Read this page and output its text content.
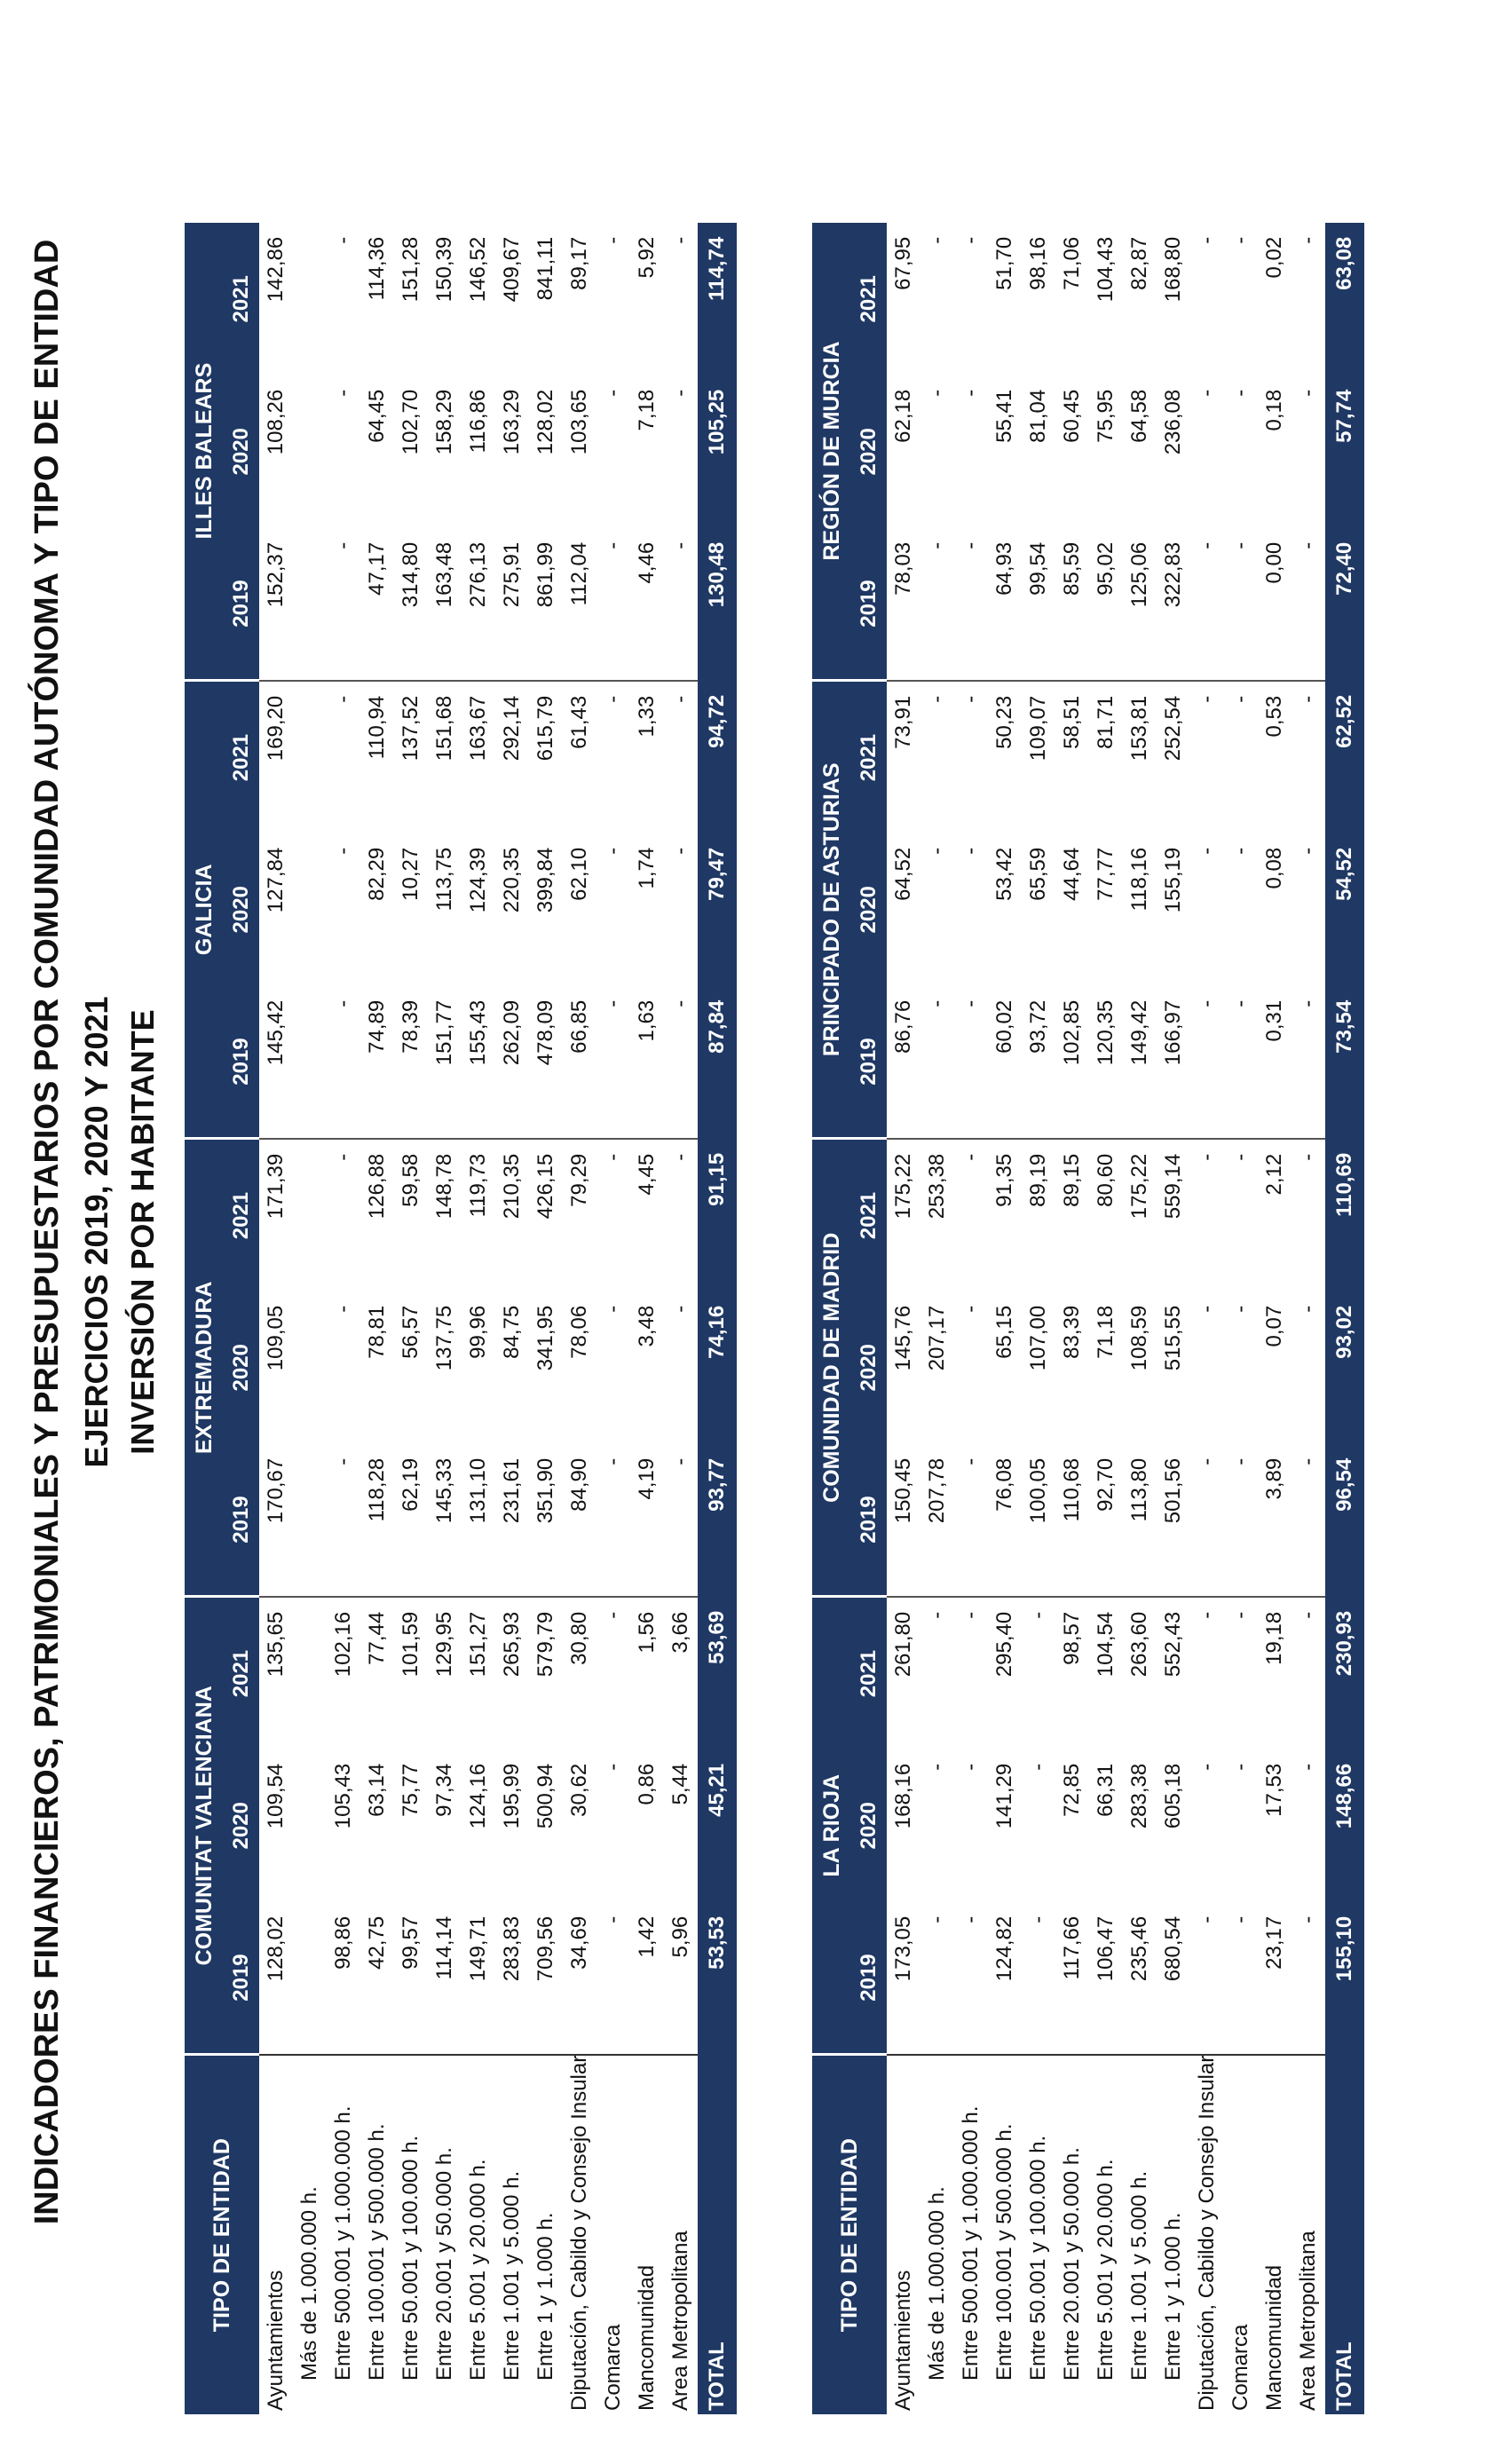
INDICADORES FINANCIEROS, PATRIMONIALES Y PRESUPUESTARIOS POR COMUNIDAD AUTÓNOMA Y TIPO DE ENTIDAD EJERCICIOS 2019, 2020 Y 2021 INVERSIÓN POR HABITANTE
TIPO DE ENTIDAD	COMUNITAT VALENCIANA			EXTREMADURA			GALICIA			ILLES BALEARS		
	2019	2020	2021	2019	2020	2021	2019	2020	2021	2019	2020	2021
Ayuntamientos	128,02	109,54	135,65	170,67	109,05	171,39	145,42	127,84	169,20	152,37	108,26	142,86
Más de 1.000.000 h.												
Entre 500.001 y 1.000.000 h.	98,86	105,43	102,16	-	-	-	-	-	-	-	-	-
Entre 100.001 y 500.000 h.	42,75	63,14	77,44	118,28	78,81	126,88	74,89	82,29	110,94	47,17	64,45	114,36
Entre 50.001 y 100.000 h.	99,57	75,77	101,59	62,19	56,57	59,58	78,39	10,27	137,52	314,80	102,70	151,28
Entre 20.001 y 50.000 h.	114,14	97,34	129,95	145,33	137,75	148,78	151,77	113,75	151,68	163,48	158,29	150,39
Entre 5.001 y 20.000 h.	149,71	124,16	151,27	131,10	99,96	119,73	155,43	124,39	163,67	276,13	116,86	146,52
Entre 1.001 y 5.000 h.	283,83	195,99	265,93	231,61	84,75	210,35	262,09	220,35	292,14	275,91	163,29	409,67
Entre 1 y 1.000 h.	709,56	500,94	579,79	351,90	341,95	426,15	478,09	399,84	615,79	861,99	128,02	841,11
Diputación, Cabildo y Consejo Insular	34,69	30,62	30,80	84,90	78,06	79,29	66,85	62,10	61,43	112,04	103,65	89,17
Comarca	-	-	-	-	-	-	-	-	-	-	-	-
Mancomunidad	1,42	0,86	1,56	4,19	3,48	4,45	1,63	1,74	1,33	4,46	7,18	5,92
Area Metropolitana	5,96	5,44	3,66	-	-	-	-	-	-	-	-	-
TOTAL	53,53	45,21	53,69	93,77	74,16	91,15	87,84	79,47	94,72	130,48	105,25	114,74
TIPO DE ENTIDAD	LA RIOJA			COMUNIDAD DE MADRID			PRINCIPADO DE ASTURIAS			REGIÓN DE MURCIA		
	2019	2020	2021	2019	2020	2021	2019	2020	2021	2019	2020	2021
Ayuntamientos	173,05	168,16	261,80	150,45	145,76	175,22	86,76	64,52	73,91	78,03	62,18	67,95
Más de 1.000.000 h.	-	-	-	207,78	207,17	253,38	-	-	-	-	-	-
Entre 500.001 y 1.000.000 h.	-	-	-	-	-	-	-	-	-	-	-	-
Entre 100.001 y 500.000 h.	124,82	141,29	295,40	76,08	65,15	91,35	60,02	53,42	50,23	64,93	55,41	51,70
Entre 50.001 y 100.000 h.	-	-	-	100,05	107,00	89,19	93,72	65,59	109,07	99,54	81,04	98,16
Entre 20.001 y 50.000 h.	117,66	72,85	98,57	110,68	83,39	89,15	102,85	44,64	58,51	85,59	60,45	71,06
Entre 5.001 y 20.000 h.	106,47	66,31	104,54	92,70	71,18	80,60	120,35	77,77	81,71	95,02	75,95	104,43
Entre 1.001 y 5.000 h.	235,46	283,38	263,60	113,80	108,59	175,22	149,42	118,16	153,81	125,06	64,58	82,87
Entre 1 y 1.000 h.	680,54	605,18	552,43	501,56	515,55	559,14	166,97	155,19	252,54	322,83	236,08	168,80
Diputación, Cabildo y Consejo Insular	-	-	-	-	-	-	-	-	-	-	-	-
Comarca	-	-	-	-	-	-	-	-	-	-	-	-
Mancomunidad	23,17	17,53	19,18	3,89	0,07	2,12	0,31	0,08	0,53	0,00	0,18	0,02
Area Metropolitana	-	-	-	-	-	-	-	-	-	-	-	-
TOTAL	155,10	148,66	230,93	96,54	93,02	110,69	73,54	54,52	62,52	72,40	57,74	63,08
